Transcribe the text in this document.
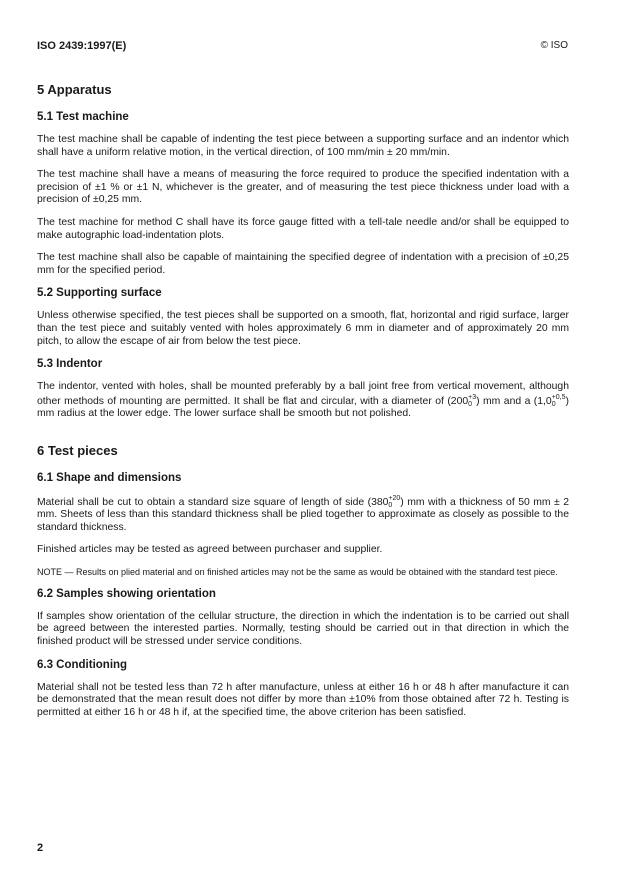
ISO 2439:1997(E)	© ISO
5 Apparatus
5.1 Test machine

The test machine shall be capable of indenting the test piece between a supporting surface and an indentor which shall have a uniform relative motion, in the vertical direction, of 100 mm/min ± 20 mm/min.

The test machine shall have a means of measuring the force required to produce the specified indentation with a precision of ±1 % or ±1 N, whichever is the greater, and of measuring the test piece thickness under load with a precision of ±0,25 mm.

The test machine for method C shall have its force gauge fitted with a tell-tale needle and/or shall be equipped to make autographic load-indentation plots.

The test machine shall also be capable of maintaining the specified degree of indentation with a precision of ±0,25 mm for the specified period.

5.2 Supporting surface

Unless otherwise specified, the test pieces shall be supported on a smooth, flat, horizontal and rigid surface, larger than the test piece and suitably vented with holes approximately 6 mm in diameter and of approximately 20 mm pitch, to allow the escape of air from below the test piece.

5.3 Indentor

The indentor, vented with holes, shall be mounted preferably by a ball joint free from vertical movement, although other methods of mounting are permitted. It shall be flat and circular, with a diameter of (200 +3
0 ) mm and a (1,0 +0,5
0 ) mm radius at the lower edge. The lower surface shall be smooth but not polished.

6 Test pieces
6.1 Shape and dimensions

Material shall be cut to obtain a standard size square of length of side (380 +20
0 ) mm with a thickness of 50 mm ± 2 mm. Sheets of less than this standard thickness shall be plied together to approximate as closely as possible to the standard thickness.

Finished articles may be tested as agreed between purchaser and supplier.

NOTE — Results on plied material and on finished articles may not be the same as would be obtained with the standard test piece.

6.2 Samples showing orientation

If samples show orientation of the cellular structure, the direction in which the indentation is to be carried out shall be agreed between the interested parties. Normally, testing should be carried out in that direction in which the finished product will be stressed under service conditions.

6.3 Conditioning

Material shall not be tested less than 72 h after manufacture, unless at either 16 h or 48 h after manufacture it can be demonstrated that the mean result does not differ by more than ±10% from those obtained after 72 h. Testing is permitted at either 16 h or 48 h if, at the specified time, the above criterion has been satisfied.

2
